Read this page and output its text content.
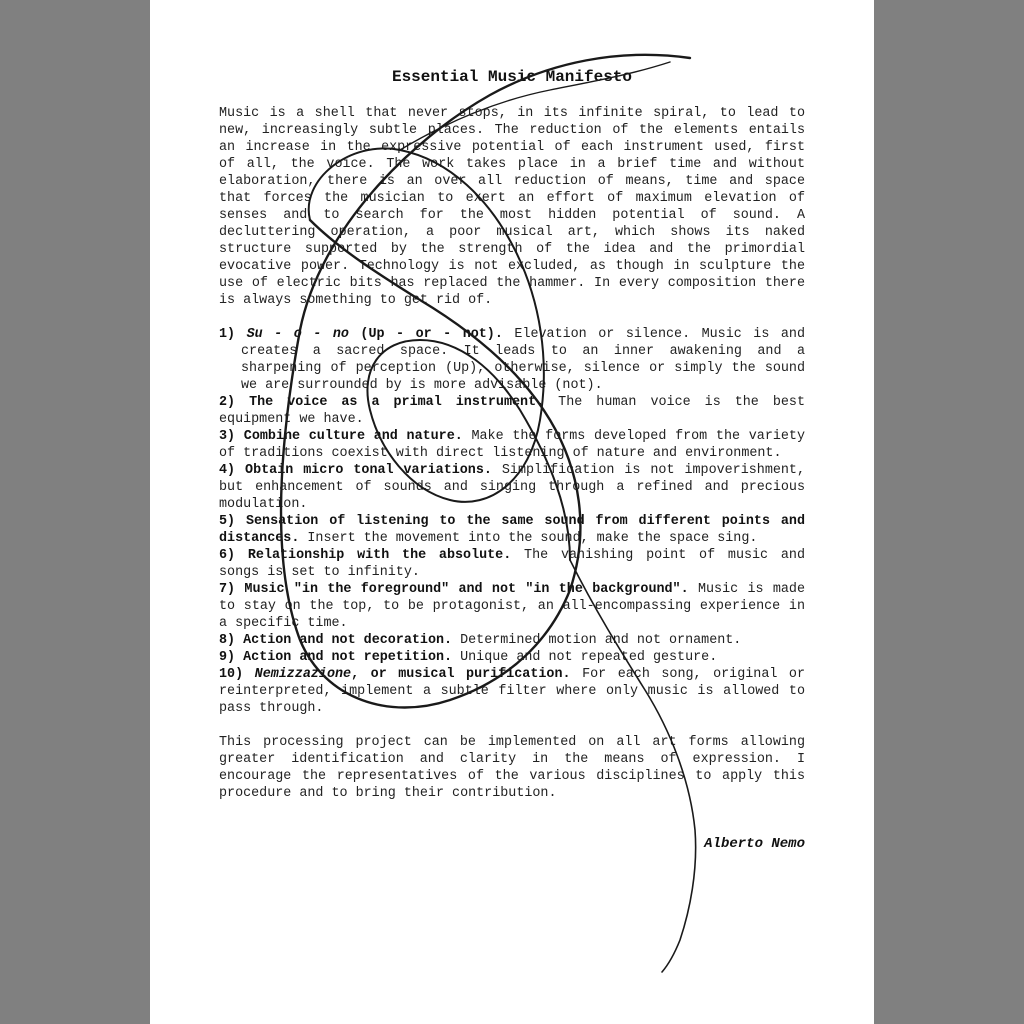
Essential Music Manifesto
Music is a shell that never stops, in its infinite spiral, to lead to new, increasingly subtle places. The reduction of the elements entails an increase in the expressive potential of each instrument used, first of all, the voice. The work takes place in a brief time and without elaboration, there is an over all reduction of means, time and space that forces the musician to exert an effort of maximum elevation of senses and to search for the most hidden potential of sound. A decluttering operation, a poor musical art, which shows its naked structure supported by the strength of the idea and the primordial evocative power. Technology is not excluded, as though in sculpture the use of electric bits has replaced the hammer. In every composition there is always something to get rid of.
1) Su - o - no (Up - or - not). Elevation or silence. Music is and creates a sacred space. It leads to an inner awakening and a sharpening of perception (Up), otherwise, silence or simply the sound we are surrounded by is more advisable (not).
2) The voice as a primal instrument. The human voice is the best equipment we have.
3) Combine culture and nature. Make the forms developed from the variety of traditions coexist with direct listening of nature and environment.
4) Obtain micro tonal variations. Simplification is not impoverishment, but enhancement of sounds and singing through a refined and precious modulation.
5) Sensation of listening to the same sound from different points and distances. Insert the movement into the sound, make the space sing.
6) Relationship with the absolute. The vanishing point of music and songs is set to infinity.
7) Music "in the foreground" and not "in the background". Music is made to stay on the top, to be protagonist, an all-encompassing experience in a specific time.
8) Action and not decoration. Determined motion and not ornament.
9) Action and not repetition. Unique and not repeated gesture.
10) Nemizzazione, or musical purification. For each song, original or reinterpreted, implement a subtle filter where only music is allowed to pass through.
This processing project can be implemented on all art forms allowing greater identification and clarity in the means of expression. I encourage the representatives of the various disciplines to apply this procedure and to bring their contribution.
Alberto Nemo
